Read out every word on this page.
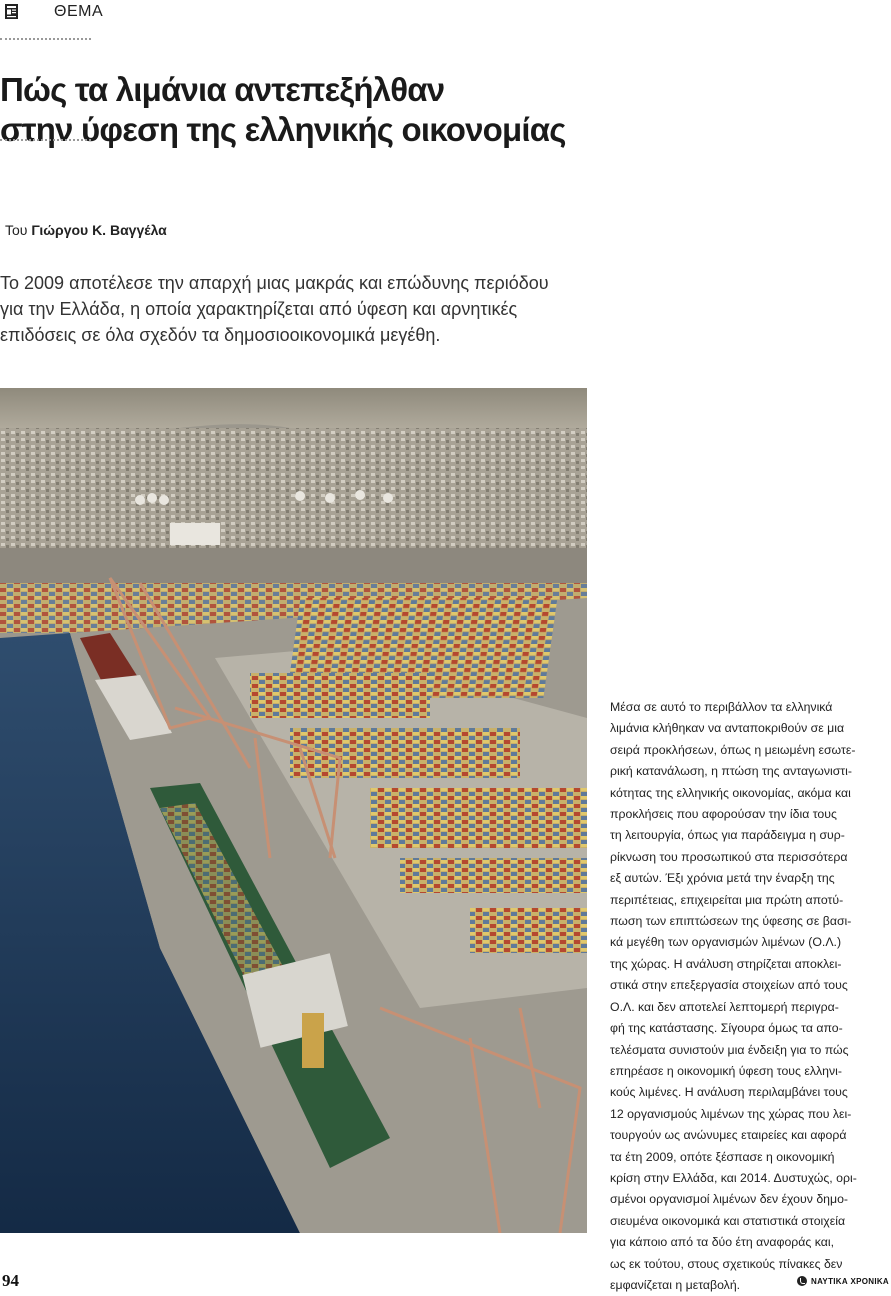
ΘΕΜΑ
Πώς τα λιμάνια αντεπεξήλθαν
στην ύφεση της ελληνικής οικονομίας
Του Γιώργου Κ. Βαγγέλα

Το 2009 αποτέλεσε την απαρχή μιας μακράς και επώδυνης περιόδου
για την Ελλάδα, η οποία χαρακτηρίζεται από ύφεση και αρνητικές
επιδόσεις σε όλα σχεδόν τα δημοσιοοικονομικά μεγέθη.

Μέσα σε αυτό το περιβάλλον τα ελληνικά
λιμάνια κλήθηκαν να ανταποκριθούν σε μια
σειρά προκλήσεων, όπως η μειωμένη εσωτε-
ρική κατανάλωση, η πτώση της ανταγωνιστι-
κότητας της ελληνικής οικονομίας, ακόμα και
προκλήσεις που αφορούσαν την ίδια τους
τη λειτουργία, όπως για παράδειγμα η συρ-
ρίκνωση του προσωπικού στα περισσότερα
εξ αυτών. Έξι χρόνια μετά την έναρξη της
περιπέτειας, επιχειρείται μια πρώτη αποτύ-
πωση των επιπτώσεων της ύφεσης σε βασι-
κά μεγέθη των οργανισμών λιμένων (Ο.Λ.)
της χώρας. Η ανάλυση στηρίζεται αποκλει-
στικά στην επεξεργασία στοιχείων από τους
Ο.Λ. και δεν αποτελεί λεπτομερή περιγρα-
φή της κατάστασης. Σίγουρα όμως τα απο-
τελέσματα συνιστούν μια ένδειξη για το πώς
επηρέασε η οικονομική ύφεση τους ελληνι-
κούς λιμένες. Η ανάλυση περιλαμβάνει τους
12 οργανισμούς λιμένων της χώρας που λει-
τουργούν ως ανώνυμες εταιρείες και αφορά
τα έτη 2009, οπότε ξέσπασε η οικονομική
κρίση στην Ελλάδα, και 2014. Δυστυχώς, ορι-
σμένοι οργανισμοί λιμένων δεν έχουν δημο-
σιευμένα οικονομικά και στατιστικά στοιχεία
για κάποιο από τα δύο έτη αναφοράς και,
ως εκ τούτου, στους σχετικούς πίνακες δεν
εμφανίζεται η μεταβολή.
94	ΝΑΥΤΙΚΑ ΧΡΟΝΙΚΑ
